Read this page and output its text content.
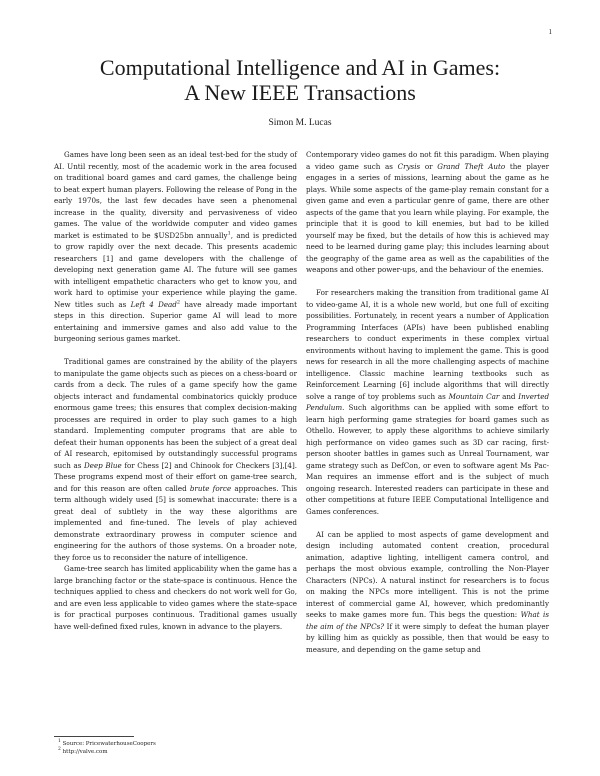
1
Computational Intelligence and AI in Games:
A New IEEE Transactions
Simon M. Lucas

Games have long been seen as an ideal test-bed for the study of AI. Until recently, most of the academic work in the area focused on traditional board games and card games, the challenge being to beat expert human players. Following the release of Pong in the early 1970s, the last few decades have seen a phenomenal increase in the quality, diversity and pervasiveness of video games. The value of the worldwide computer and video games market is estimated to be $USD25bn annually$^1$, and is predicted to grow rapidly over the next decade. This presents academic researchers [1] and game developers with the challenge of developing next generation game AI. The future will see games with intelligent empathetic characters who get to know you, and work hard to optimise your experience while playing the game. New titles such as Left 4 Dead$^2$ have already made important steps in this direction. Superior game AI will lead to more entertaining and immersive games and also add value to the burgeoning serious games market.

Traditional games are constrained by the ability of the players to manipulate the game objects such as pieces on a chess-board or cards from a deck. The rules of a game specify how the game objects interact and fundamental combinatorics quickly produce enormous game trees; this ensures that complex decision-making processes are required in order to play such games to a high standard. Implementing computer programs that are able to defeat their human opponents has been the subject of a great deal of AI research, epitomised by outstandingly successful programs such as Deep Blue for Chess [2] and Chinook for Checkers [3],[4]. These programs expend most of their effort on game-tree search, and for this reason are often called brute force approaches. This term although widely used [5] is somewhat inaccurate: there is a great deal of subtlety in the way these algorithms are implemented and fine-tuned. The levels of play achieved demonstrate extraordinary prowess in computer science and engineering for the authors of those systems. On a broader note, they force us to reconsider the nature of intelligence.

Game-tree search has limited applicability when the game has a large branching factor or the state-space is continuous. Hence the techniques applied to chess and checkers do not work well for Go, and are even less applicable to video games where the state-space is for practical purposes continuous. Traditional games usually have well-defined fixed rules, known in advance to the players.

Contemporary video games do not fit this paradigm. When playing a video game such as Crysis or Grand Theft Auto the player engages in a series of missions, learning about the game as he plays. While some aspects of the game-play remain constant for a given game and even a particular genre of game, there are other aspects of the game that you learn while playing. For example, the principle that it is good to kill enemies, but bad to be killed yourself may be fixed, but the details of how this is achieved may need to be learned during game play; this includes learning about the geography of the game area as well as the capabilities of the weapons and other power-ups, and the behaviour of the enemies.

For researchers making the transition from traditional game AI to video-game AI, it is a whole new world, but one full of exciting possibilities. Fortunately, in recent years a number of Application Programming Interfaces (APIs) have been published enabling researchers to conduct experiments in these complex virtual environments without having to implement the game. This is good news for research in all the more challenging aspects of machine intelligence. Classic machine learning textbooks such as Reinforcement Learning [6] include algorithms that will directly solve a range of toy problems such as Mountain Car and Inverted Pendulum. Such algorithms can be applied with some effort to learn high performing game strategies for board games such as Othello. However, to apply these algorithms to achieve similarly high performance on video games such as 3D car racing, first-person shooter battles in games such as Unreal Tournament, war game strategy such as DefCon, or even to software agent Ms Pac-Man requires an immense effort and is the subject of much ongoing research. Interested readers can participate in these and other competitions at future IEEE Computational Intelligence and Games conferences.

AI can be applied to most aspects of game development and design including automated content creation, procedural animation, adaptive lighting, intelligent camera control, and perhaps the most obvious example, controlling the Non-Player Characters (NPCs). A natural instinct for researchers is to focus on making the NPCs more intelligent. This is not the prime interest of commercial game AI, however, which predominantly seeks to make games more fun. This begs the question: What is the aim of the NPCs? If it were simply to defeat the human player by killing him as quickly as possible, then that would be easy to measure, and depending on the game setup and

$^1$ Source: PricewaterhouseCoopers
$^2$ http://valve.com
